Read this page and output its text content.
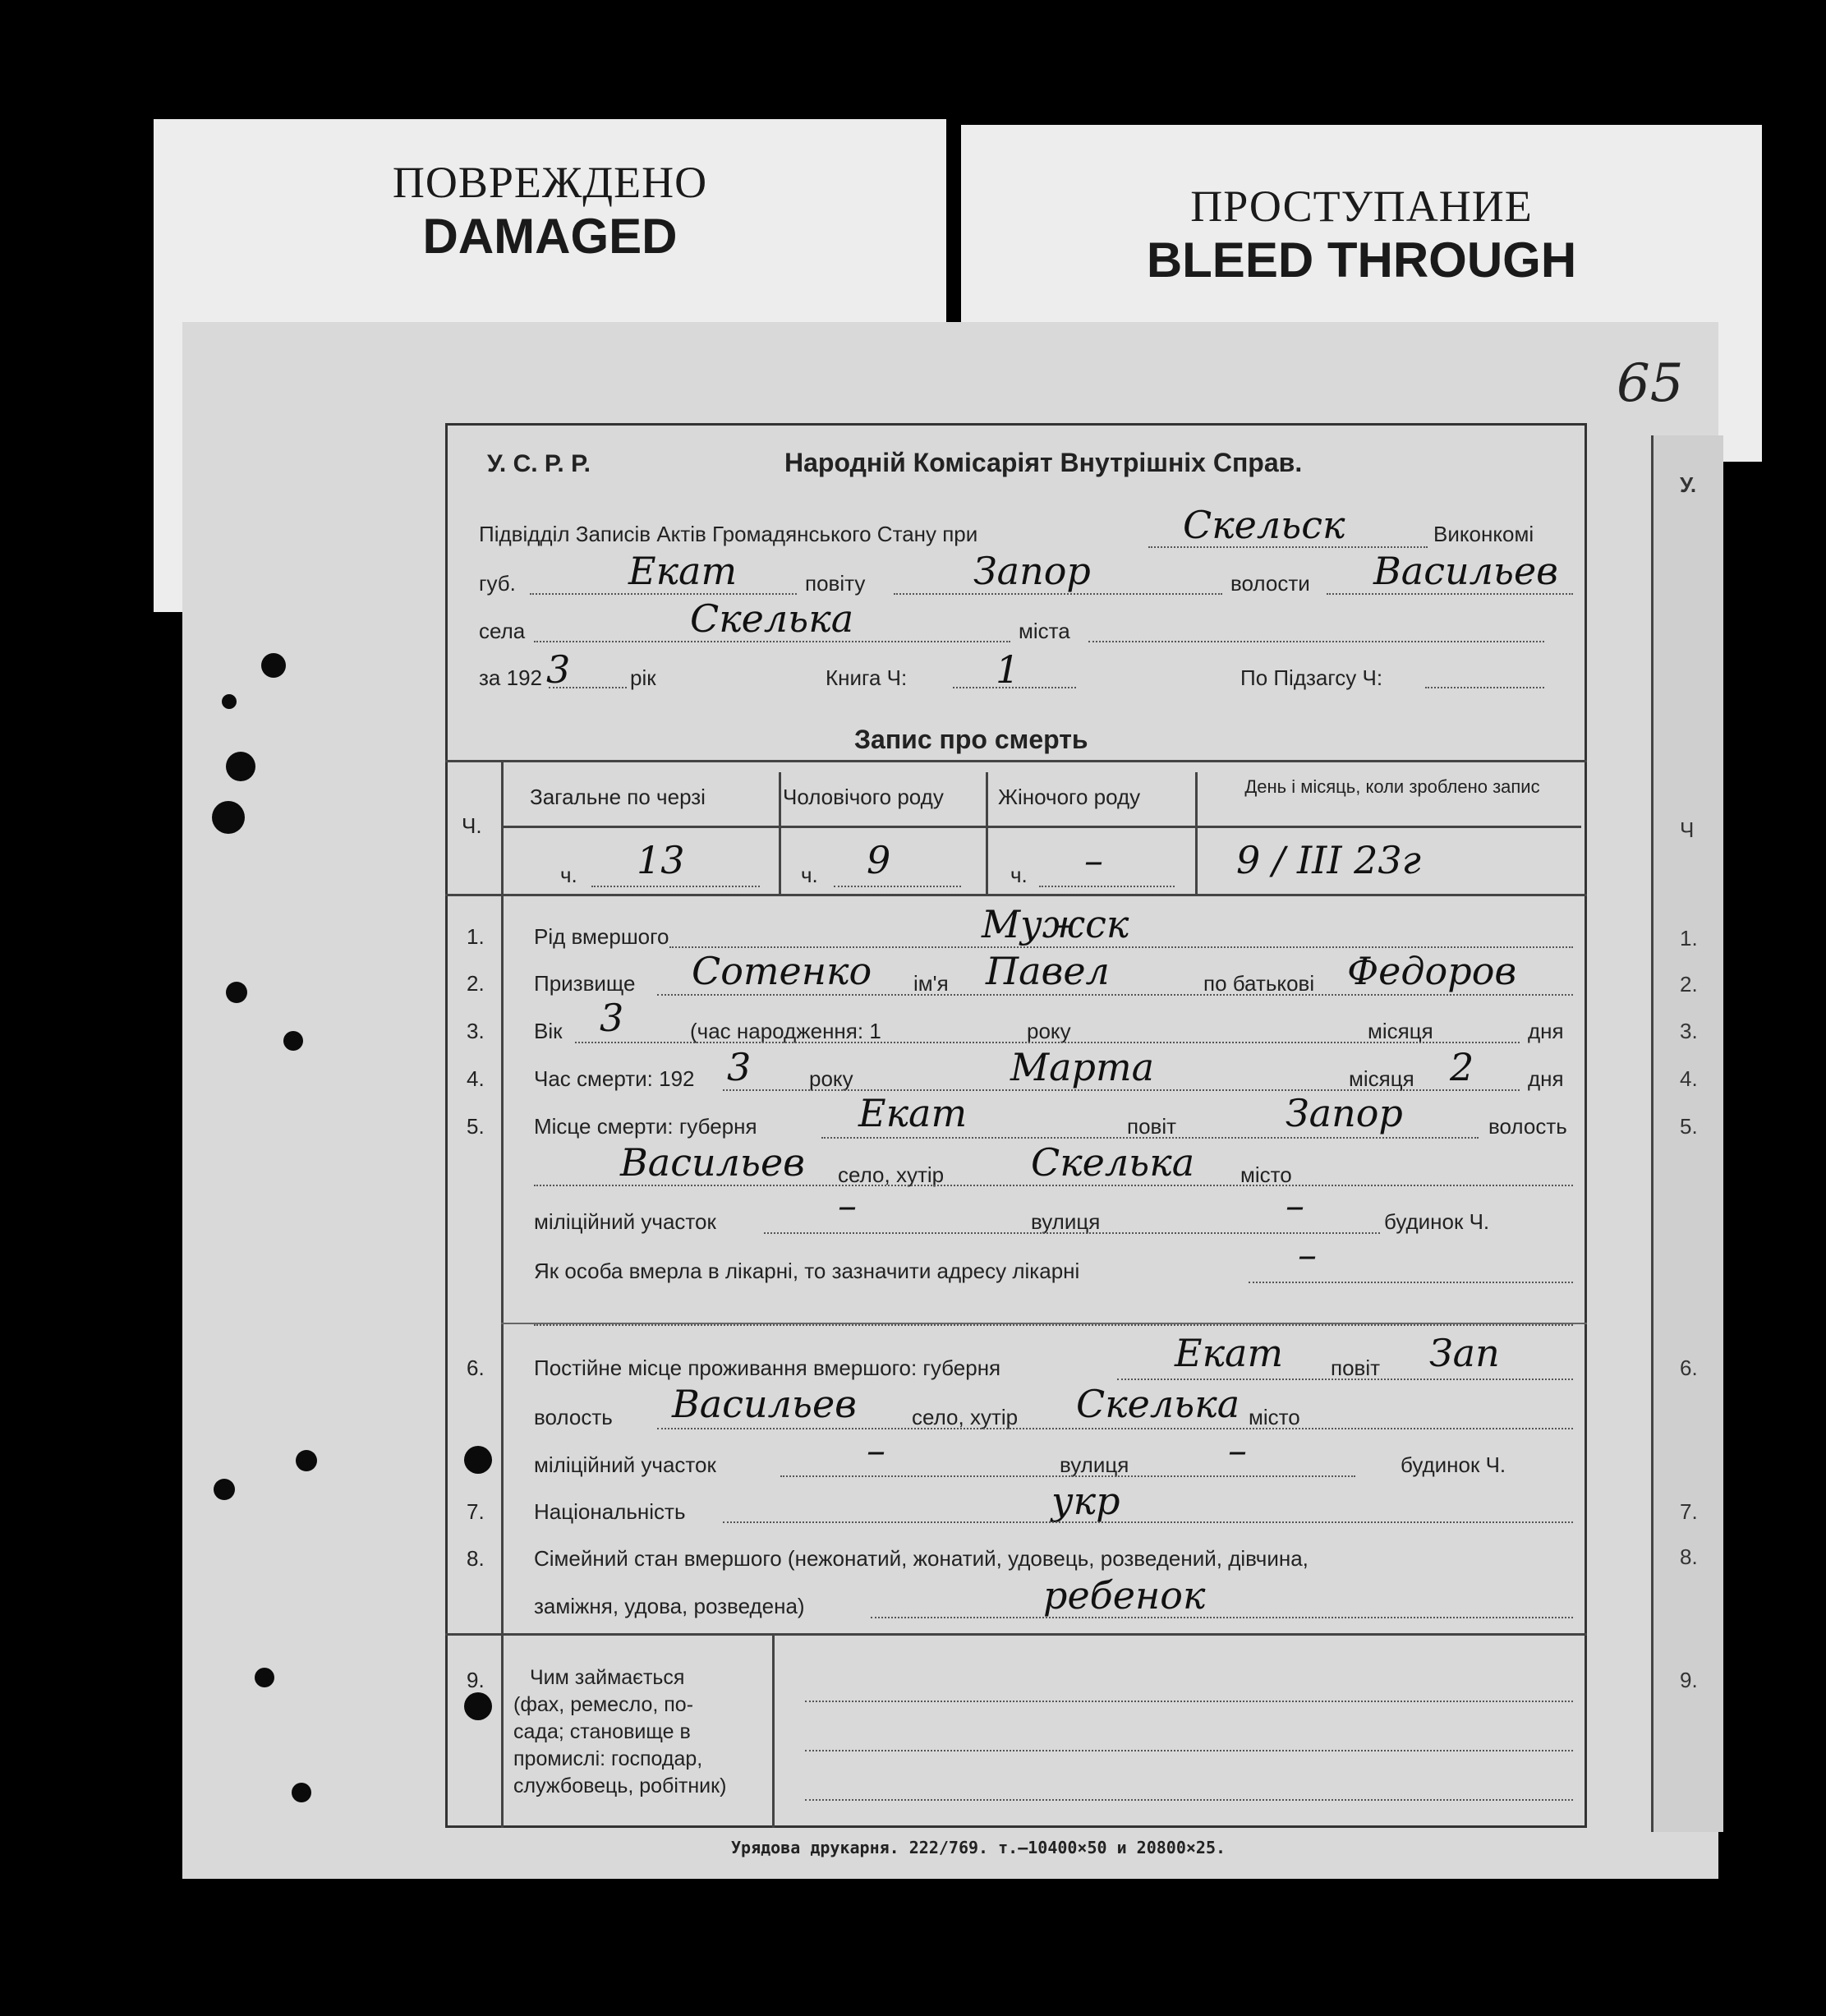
ПОВРЕЖДЕНО
DAMAGED
ПРОСТУПАНИЕ
BLEED THROUGH
У.
Ч
1.
2.
3.
4.
5.
6.
7.
8.
9.
65
У. С. Р. Р.	Народній Комісаріят Внутрішніх Справ.
Підвідділ Записів Актів Громадянського Стану при	Скельск	Виконкомі
губ.	Екат	повіту	Запор	волости Васильев
села	Скелька	міста
за 192 3	рік	Книга Ч: 1	По Підзагсу Ч:
Запис про смерть
Ч.
Загальне по черзі	Чоловічого роду	Жіночого роду	День і місяць, коли зроблено запис
ч. 13	ч. 9	ч. –	9 / III 23г
1. Рід вмершого	Мужск
2. Призвище Сотенко ім'я Павел	по батькові Федоров
3. Вік 3	(час народження: 1	року	місяця	дня
4. Час смерти: 192 3	року	Марта	місяця 2	дня
5. Місце смерти: губерня	Екат	повіт	Запор	волость
Васильев село, хутір Скелька місто
міліційний участок	–	вулиця	–	будинок Ч.
Як особа вмерла в лікарні, то зазначити адресу лікарні	–
6. Постійне місце проживання вмершого: губерня	Екат повіт Зап
волость Васильев	село, хутір Скелька місто
міліційний участок	–	вулиця	–	будинок Ч.
7. Національність	укр
8. Сімейний стан вмершого (нежонатий, жонатий, удовець, розведений, дівчина,
заміжня, удова, розведена)	ребенок
9. Чим займається
(фах, ремесло, по-
сада; становище в
промислі: господар,
службовець, робітник)
Урядова друкарня. 222/769. т.—10400×50 и 20800×25.
